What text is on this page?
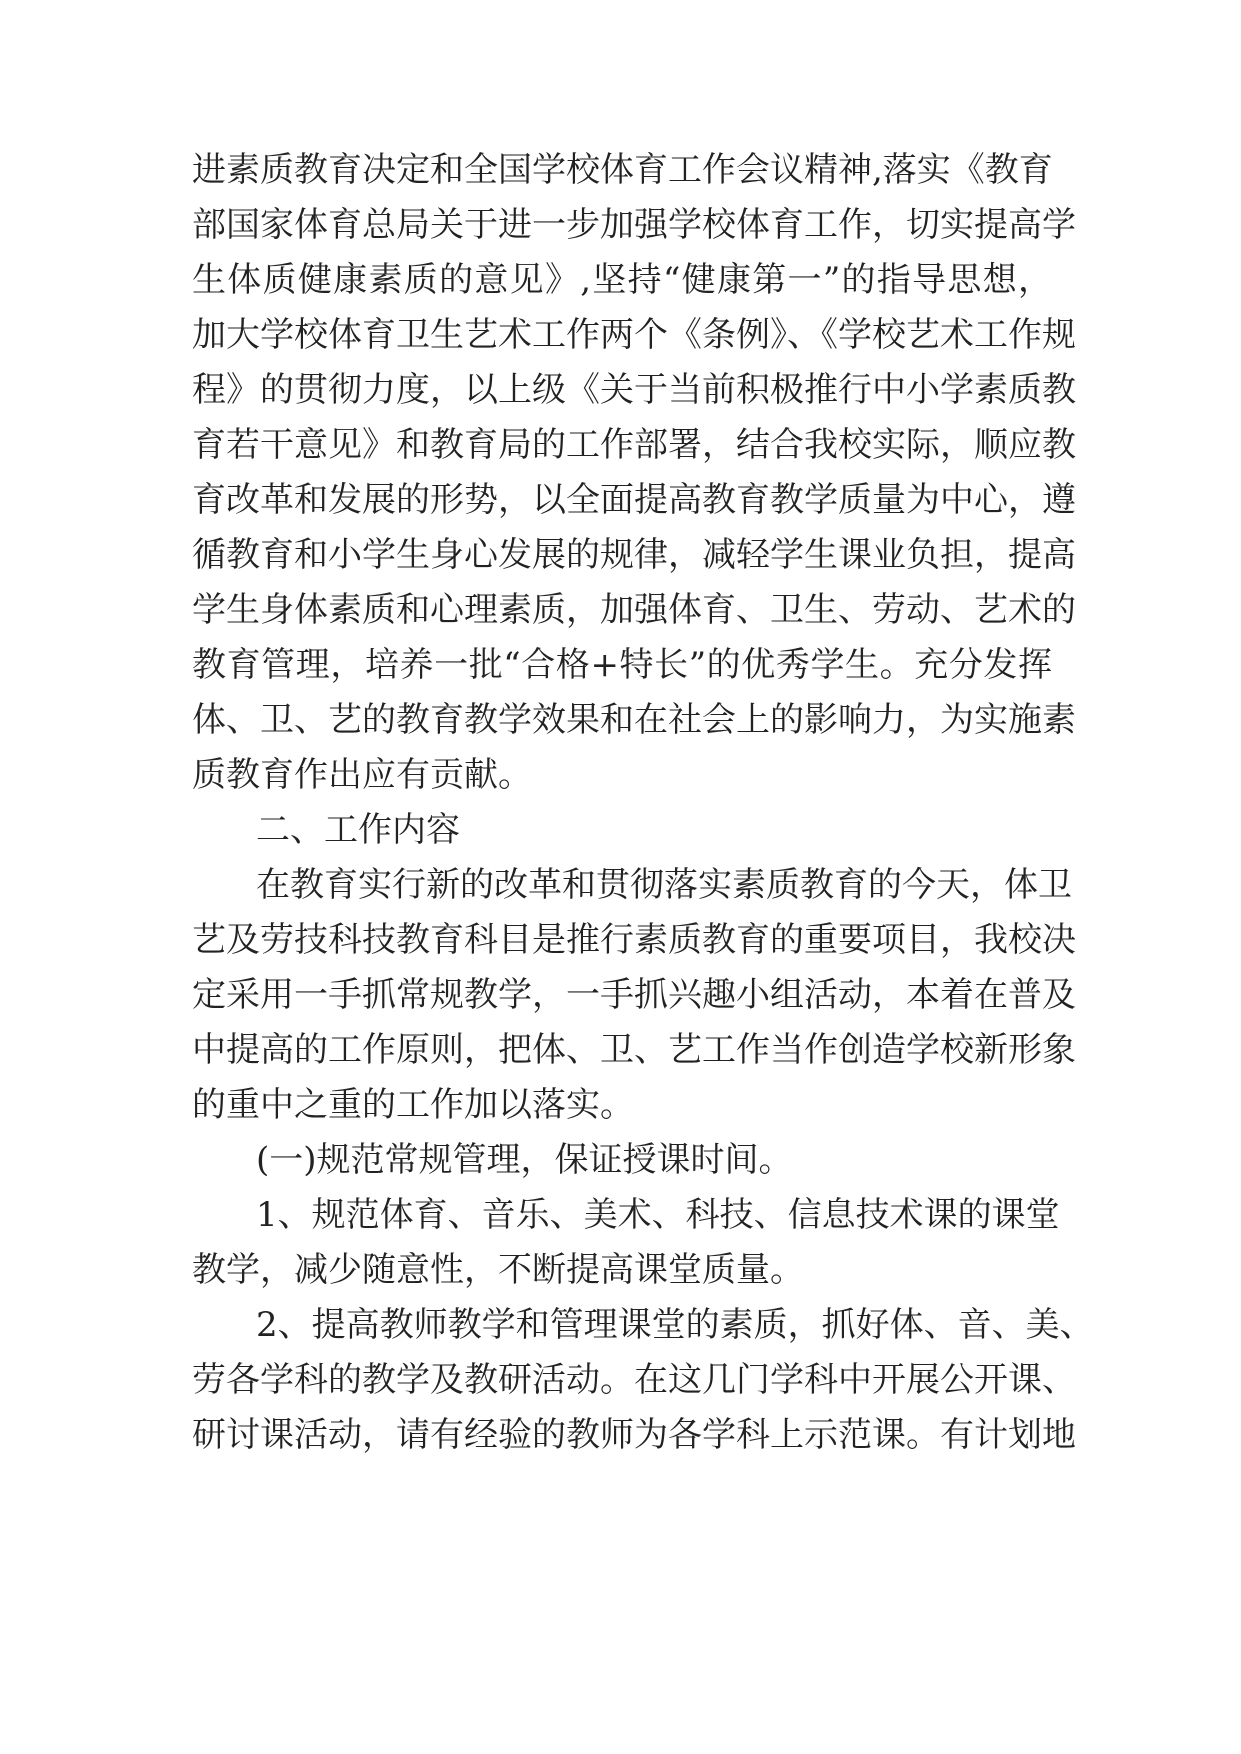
进素质教育决定和全国学校体育工作会议精神,落实《教育
部国家体育总局关于进一步加强学校体育工作，切实提高学
生体质健康素质的意见》,坚持“健康第一”的指导思想，
加大学校体育卫生艺术工作两个《条例》、《学校艺术工作规
程》的贯彻力度，以上级《关于当前积极推行中小学素质教
育若干意见》和教育局的工作部署，结合我校实际，顺应教
育改革和发展的形势，以全面提高教育教学质量为中心，遵
循教育和小学生身心发展的规律，减轻学生课业负担，提高
学生身体素质和心理素质，加强体育、卫生、劳动、艺术的
教育管理，培养一批“合格+特长”的优秀学生。充分发挥
体、卫、艺的教育教学效果和在社会上的影响力，为实施素
质教育作出应有贡献。
二、工作内容
在教育实行新的改革和贯彻落实素质教育的今天，体卫
艺及劳技科技教育科目是推行素质教育的重要项目，我校决
定采用一手抓常规教学，一手抓兴趣小组活动，本着在普及
中提高的工作原则，把体、卫、艺工作当作创造学校新形象
的重中之重的工作加以落实。
(一)规范常规管理，保证授课时间。
1、规范体育、音乐、美术、科技、信息技术课的课堂
教学，减少随意性，不断提高课堂质量。
2、提高教师教学和管理课堂的素质，抓好体、音、美、
劳各学科的教学及教研活动。在这几门学科中开展公开课、
研讨课活动，请有经验的教师为各学科上示范课。有计划地
